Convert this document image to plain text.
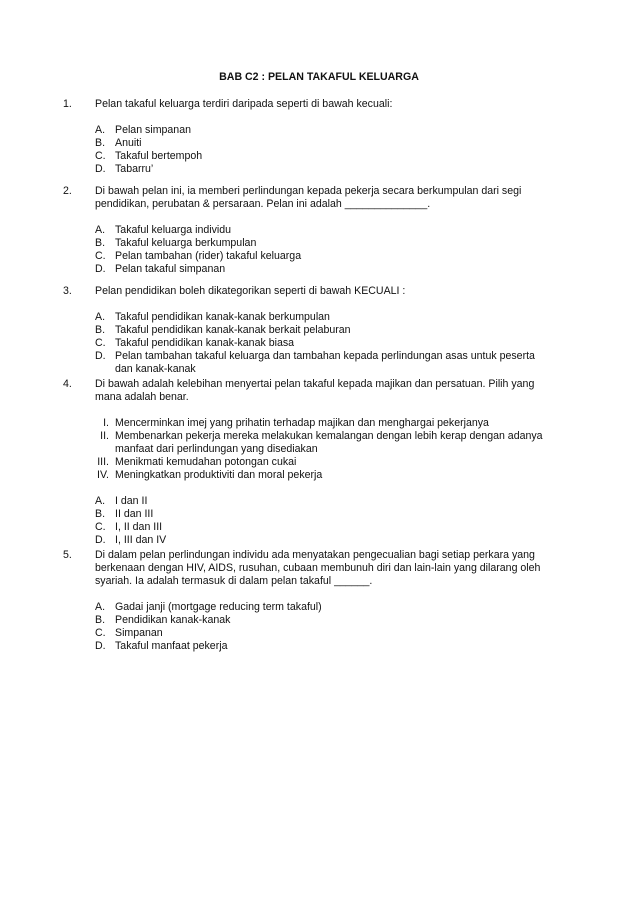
BAB C2 : PELAN TAKAFUL KELUARGA
1.	Pelan takaful keluarga terdiri daripada seperti di bawah kecuali:
A. Pelan simpanan
B. Anuiti
C. Takaful bertempoh
D. Tabarru’
2.	Di bawah pelan ini, ia memberi perlindungan kepada pekerja secara berkumpulan dari segi pendidikan, perubatan & persaraan. Pelan ini adalah ______________.
A. Takaful keluarga individu
B. Takaful keluarga berkumpulan
C. Pelan tambahan (rider) takaful keluarga
D. Pelan takaful simpanan
3.	Pelan pendidikan boleh dikategorikan seperti di bawah KECUALI :
A. Takaful pendidikan kanak-kanak berkumpulan
B. Takaful pendidikan kanak-kanak berkait pelaburan
C. Takaful pendidikan kanak-kanak biasa
D. Pelan tambahan takaful keluarga dan tambahan kepada perlindungan asas untuk peserta dan kanak-kanak
4.	Di bawah adalah kelebihan menyertai pelan takaful kepada majikan dan persatuan. Pilih yang mana adalah benar.
I. Mencerminkan imej yang prihatin terhadap majikan dan menghargai pekerjanya
II. Membenarkan pekerja mereka melakukan kemalangan dengan lebih kerap dengan adanya manfaat dari perlindungan yang disediakan
III. Menikmati kemudahan potongan cukai
IV. Meningkatkan produktiviti dan moral pekerja
A. I dan II
B. II dan III
C. I, II dan III
D. I, III dan IV
5.	Di dalam pelan perlindungan individu ada menyatakan pengecualian bagi setiap perkara yang berkenaan dengan HIV, AIDS, rusuhan, cubaan membunuh diri dan lain-lain yang dilarang oleh syariah. Ia adalah termasuk di dalam pelan takaful ______.
A. Gadai janji (mortgage reducing term takaful)
B. Pendidikan kanak-kanak
C. Simpanan
D. Takaful manfaat pekerja
